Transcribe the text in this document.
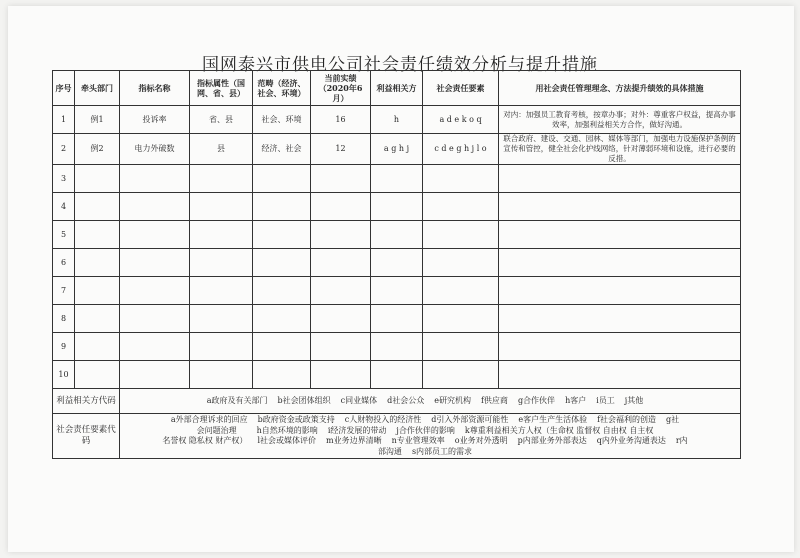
国网泰兴市供电公司社会责任绩效分析与提升措施
序号	牵头部门	指标名称	指标属性（国网、省、县）	范畴（经济、社会、环境）	当前实绩（2020年6月）	利益相关方	社会责任要素	用社会责任管理理念、方法提升绩效的具体措施
1	例1	投诉率	省、县	社会、环境	16	h	a d e k o q	对内：加强员工教育考核，按章办事；对外：尊重客户权益，提高办事效率，加强利益相关方合作，做好沟通。
2	例2	电力外破数	县	经济、社会	12	a g h j	c d e g h j l o	联合政府、建设、交通、园林、媒体等部门，加强电力设施保护条例的宣传和管控，健全社会化护线网络，针对薄弱环境和设施，进行必要的反措。
3								
4								
5								
6								
7								
8								
9								
10								
利益相关方代码		a政府及有关部门 b社会团体组织 c同业媒体 d社会公众 e研究机构 f供应商 g合作伙伴 h客户 i员工 j其他						

社会责任要素代码		a外部合理诉求的回应 b政府资金或政策支持 c人财物投入的经济性 d引入外部资源可能性 e客户生产生活体验 f社会福利的创造 g社
会问题治理 h自然环境的影响 i经济发展的带动 j合作伙伴的影响 k尊重利益相关方人权（生命权 监督权 自由权 自主权
名誉权 隐私权 财产权） l社会或媒体评价 m业务边界清晰 n专业管理效率 o业务对外透明 p内部业务外部表达 q内外业务沟通表达 r内
部沟通 s内部员工的需求						
